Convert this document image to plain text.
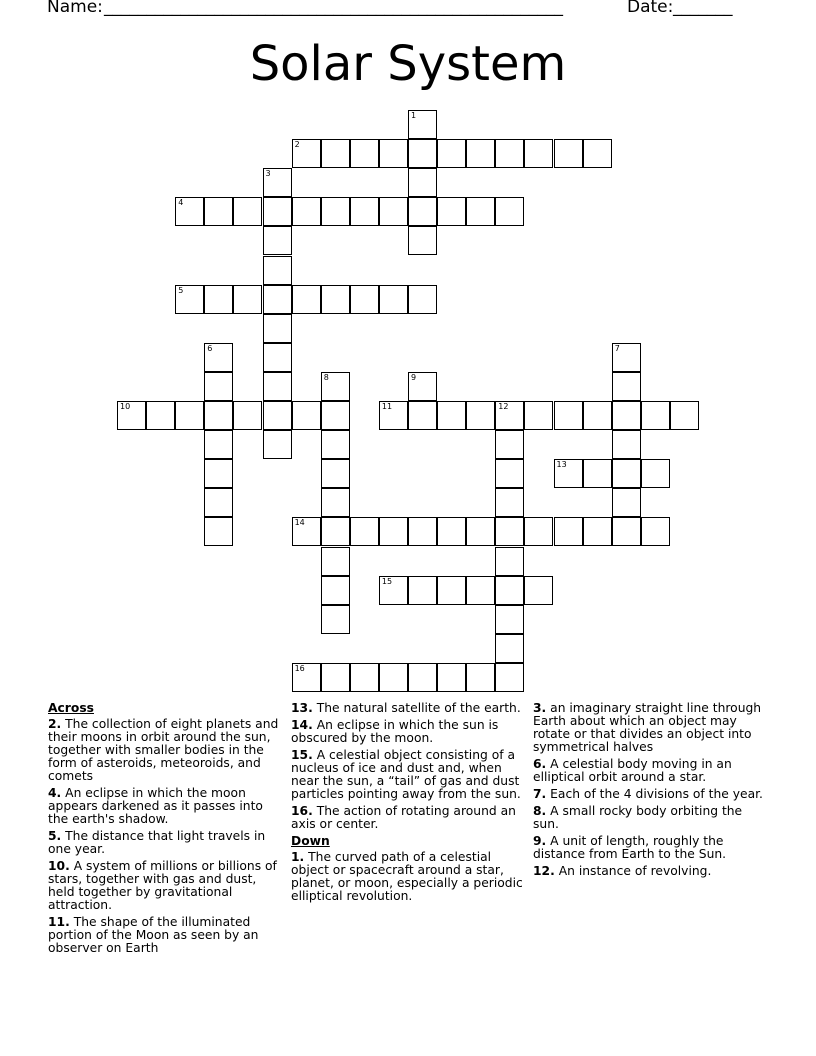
Name: ______________________________________________________	Date: _______
Solar System
1
2
3
4
5
6	7
8	9
10	11	12
13
14
15
16
Across
2. The collection of eight planets and their moons in orbit around the sun, together with smaller bodies in the form of asteroids, meteoroids, and comets
4. An eclipse in which the moon appears darkened as it passes into the earth's shadow.
5. The distance that light travels in one year.
10. A system of millions or billions of stars, together with gas and dust, held together by gravitational attraction.
11. The shape of the illuminated portion of the Moon as seen by an observer on Earth
13. The natural satellite of the earth.
14. An eclipse in which the sun is obscured by the moon.
15. A celestial object consisting of a nucleus of ice and dust and, when near the sun, a “tail” of gas and dust particles pointing away from the sun.
16. The action of rotating around an axis or center.
Down
1. The curved path of a celestial object or spacecraft around a star, planet, or moon, especially a periodic elliptical revolution.
3. an imaginary straight line through Earth about which an object may rotate or that divides an object into symmetrical halves
6. A celestial body moving in an elliptical orbit around a star.
7. Each of the 4 divisions of the year.
8. A small rocky body orbiting the sun.
9. A unit of length, roughly the distance from Earth to the Sun.
12. An instance of revolving.
